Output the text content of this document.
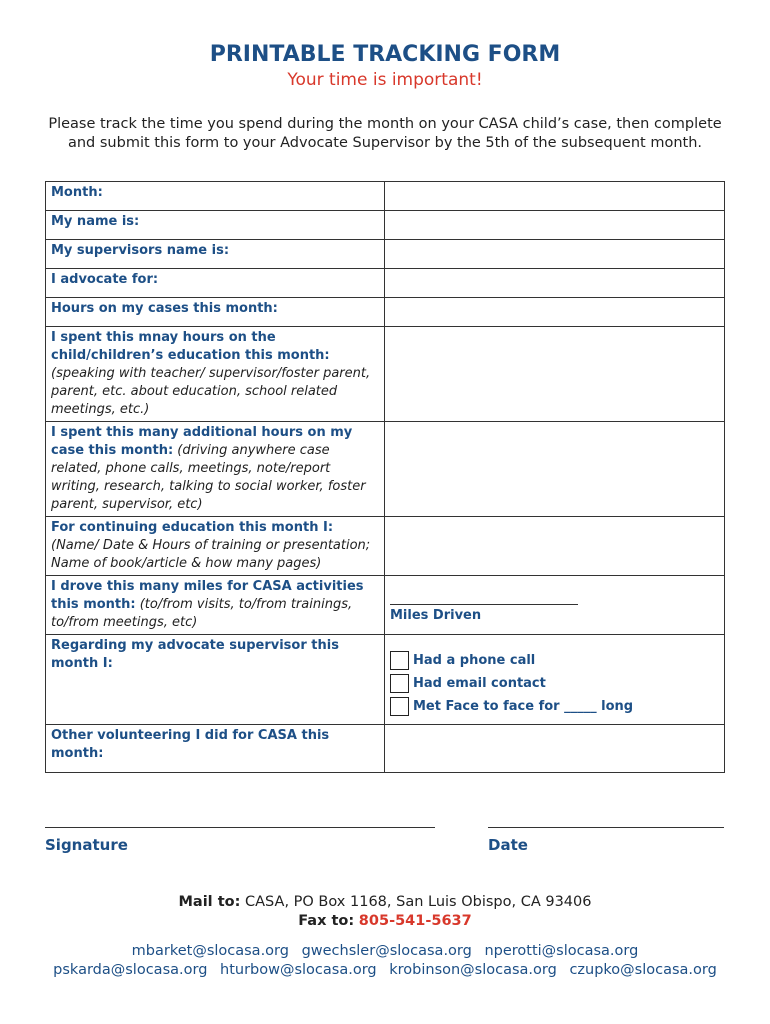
PRINTABLE TRACKING FORM
Your time is important!
Please track the time you spend during the month on your CASA child’s case, then complete and submit this form to your Advocate Supervisor by the 5th of the subsequent month.
Month:	
My name is:	
My supervisors name is:	
I advocate for:	
Hours on my cases this month:	
I spent this mnay hours on the child/children’s education this month: (speaking with teacher/ supervisor/foster parent, parent, etc. about education, school related meetings, etc.)	
I spent this many additional hours on my case this month: (driving anywhere case related, phone calls, meetings, note/report writing, research, talking to social worker, foster parent, supervisor, etc)	
For continuing education this month I: (Name/ Date & Hours of training or presentation; Name of book/article & how many pages)	
I drove this many miles for CASA activities this month: (to/from visits, to/from trainings, to/from meetings, etc)	Miles Driven

Regarding my advocate supervisor this month I:	Had a phone call
Had email contact
Met Face to face for _____ long

Other volunteering I did for CASA this month:	
Signature	Date
Mail to: CASA, PO Box 1168, San Luis Obispo, CA 93406
Fax to: 805-541-5637
mbarket@slocasa.org gwechsler@slocasa.org nperotti@slocasa.org
pskarda@slocasa.org hturbow@slocasa.org krobinson@slocasa.org czupko@slocasa.org
